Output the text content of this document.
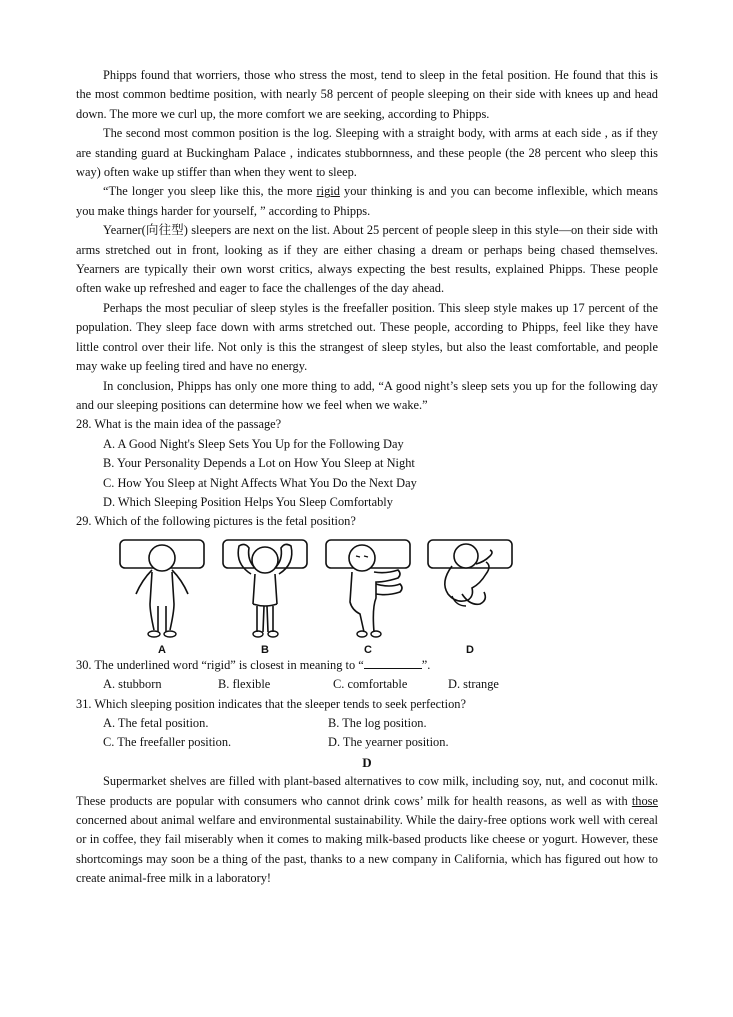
Phipps found that worriers, those who stress the most, tend to sleep in the fetal position. He found that this is the most common bedtime position, with nearly 58 percent of people sleeping on their side with knees up and head down. The more we curl up, the more comfort we are seeking, according to Phipps.

The second most common position is the log. Sleeping with a straight body, with arms at each side , as if they are standing guard at Buckingham Palace , indicates stubbornness, and these people (the 28 percent who sleep this way) often wake up stiffer than when they went to sleep.

“The longer you sleep like this, the more rigid your thinking is and you can become inflexible, which means you make things harder for yourself, ” according to Phipps.

Yearner(向往型) sleepers are next on the list. About 25 percent of people sleep in this style—on their side with arms stretched out in front, looking as if they are either chasing a dream or perhaps being chased themselves. Yearners are typically their own worst critics, always expecting the best results, explained Phipps. These people often wake up refreshed and eager to face the challenges of the day ahead.

Perhaps the most peculiar of sleep styles is the freefaller position. This sleep style makes up 17 percent of the population. They sleep face down with arms stretched out. These people, according to Phipps, feel like they have little control over their life. Not only is this the strangest of sleep styles, but also the least comfortable, and people may wake up feeling tired and have no energy.

In conclusion, Phipps has only one more thing to add, “A good night’s sleep sets you up for the following day and our sleeping positions can determine how we feel when we wake.”

28. What is the main idea of the passage?

A. A Good Night's Sleep Sets You Up for the Following Day

B. Your Personality Depends a Lot on How You Sleep at Night

C. How You Sleep at Night Affects What You Do the Next Day

D. Which Sleeping Position Helps You Sleep Comfortably

29. Which of the following pictures is the fetal position?

A	B	C	D

30. The underlined word “rigid” is closest in meaning to “	”.

A. stubborn	B. flexible	C. comfortable	D. strange

31. Which sleeping position indicates that the sleeper tends to seek perfection?

A. The fetal position.	B. The log position.
C. The freefaller position.	D. The yearner position.

D

Supermarket shelves are filled with plant-based alternatives to cow milk, including soy, nut, and coconut milk. These products are popular with consumers who cannot drink cows’ milk for health reasons, as well as with those concerned about animal welfare and environmental sustainability. While the dairy-free options work well with cereal or in coffee, they fail miserably when it comes to making milk-based products like cheese or yogurt. However, these shortcomings may soon be a thing of the past, thanks to a new company in California, which has figured out how to create animal-free milk in a laboratory!
